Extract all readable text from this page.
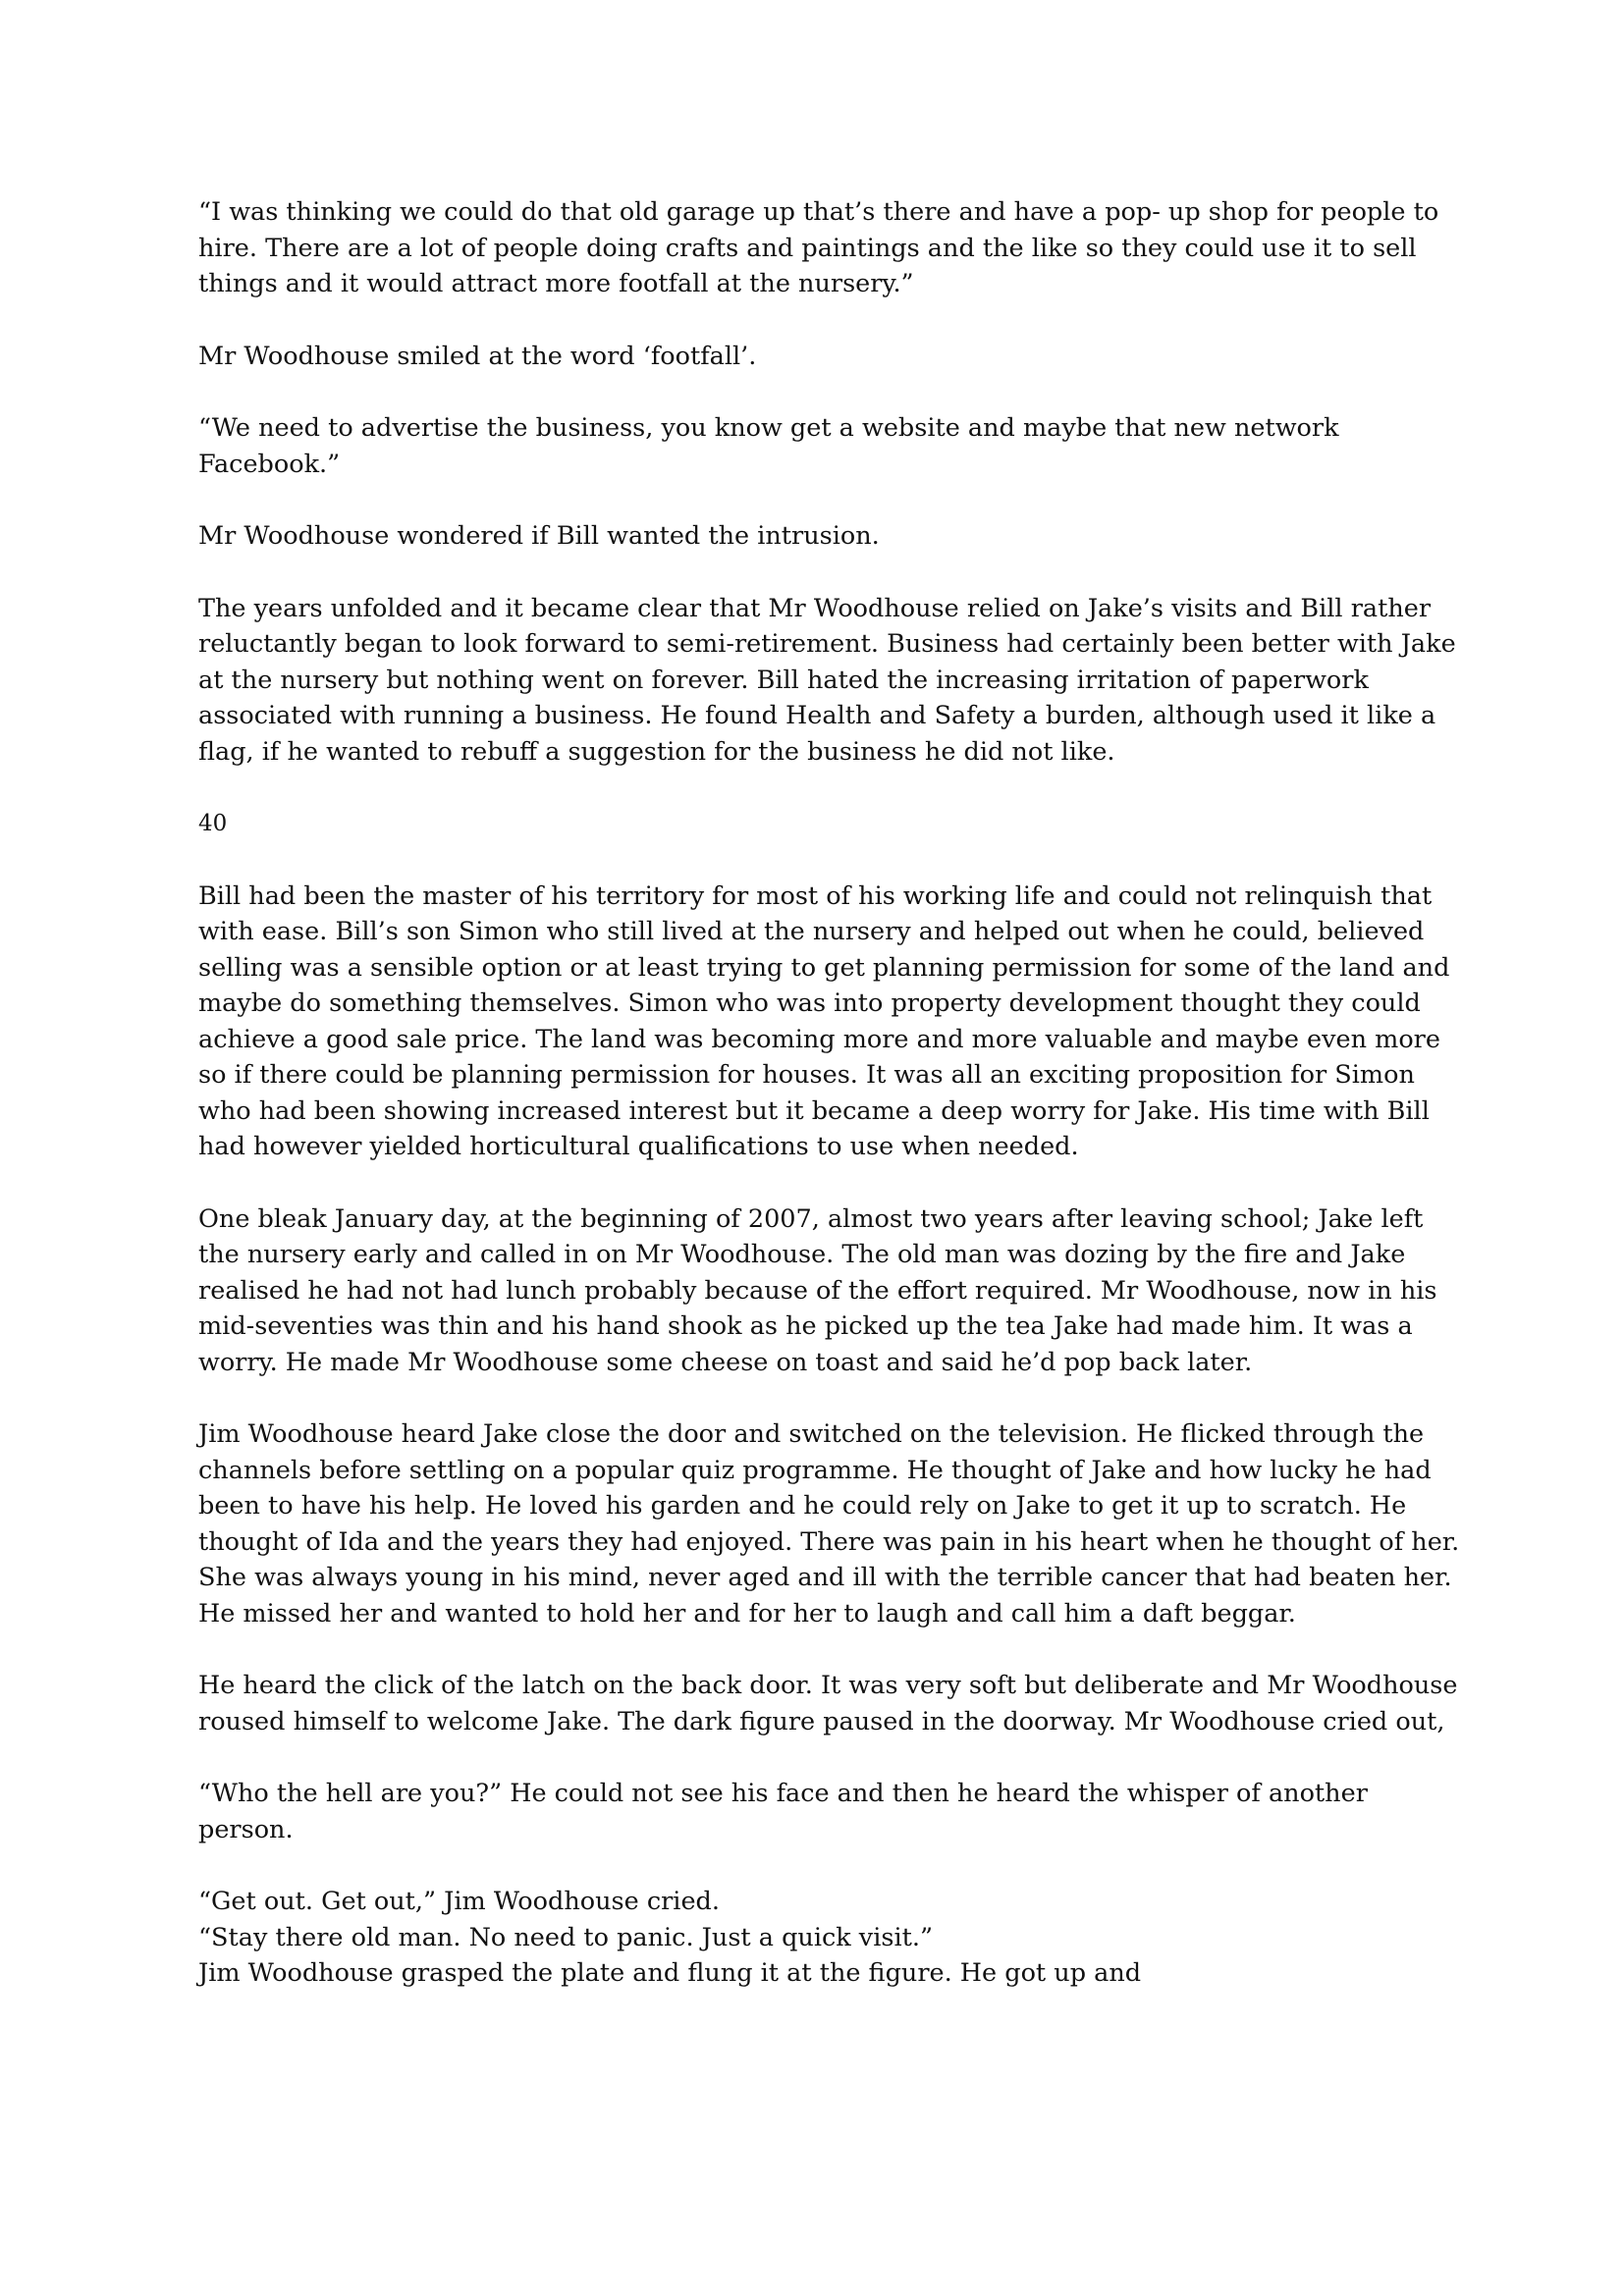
“I was thinking we could do that old garage up that’s there and have a pop- up shop for people to hire. There are a lot of people doing crafts and paintings and the like so they could use it to sell things and it would attract more footfall at the nursery.”

Mr Woodhouse smiled at the word ‘footfall’.

“We need to advertise the business, you know get a website and maybe that new network Facebook.”

Mr Woodhouse wondered if Bill wanted the intrusion.

The years unfolded and it became clear that Mr Woodhouse relied on Jake’s visits and Bill rather reluctantly began to look forward to semi-retirement. Business had certainly been better with Jake at the nursery but nothing went on forever. Bill hated the increasing irritation of paperwork associated with running a business. He found Health and Safety a burden, although used it like a flag, if he wanted to rebuff a suggestion for the business he did not like.

40

Bill had been the master of his territory for most of his working life and could not relinquish that with ease. Bill’s son Simon who still lived at the nursery and helped out when he could, believed selling was a sensible option or at least trying to get planning permission for some of the land and maybe do something themselves. Simon who was into property development thought they could achieve a good sale price. The land was becoming more and more valuable and maybe even more so if there could be planning permission for houses. It was all an exciting proposition for Simon who had been showing increased interest but it became a deep worry for Jake. His time with Bill had however yielded horticultural qualifications to use when needed.

One bleak January day, at the beginning of 2007, almost two years after leaving school; Jake left the nursery early and called in on Mr Woodhouse. The old man was dozing by the fire and Jake realised he had not had lunch probably because of the effort required. Mr Woodhouse, now in his mid-seventies was thin and his hand shook as he picked up the tea Jake had made him. It was a worry. He made Mr Woodhouse some cheese on toast and said he’d pop back later.

Jim Woodhouse heard Jake close the door and switched on the television. He flicked through the channels before settling on a popular quiz programme. He thought of Jake and how lucky he had been to have his help. He loved his garden and he could rely on Jake to get it up to scratch. He thought of Ida and the years they had enjoyed. There was pain in his heart when he thought of her. She was always young in his mind, never aged and ill with the terrible cancer that had beaten her. He missed her and wanted to hold her and for her to laugh and call him a daft beggar.

He heard the click of the latch on the back door. It was very soft but deliberate and Mr Woodhouse roused himself to welcome Jake. The dark figure paused in the doorway. Mr Woodhouse cried out,

“Who the hell are you?” He could not see his face and then he heard the whisper of another person.

“Get out. Get out,” Jim Woodhouse cried.

“Stay there old man. No need to panic. Just a quick visit.”

Jim Woodhouse grasped the plate and flung it at the figure. He got up and
